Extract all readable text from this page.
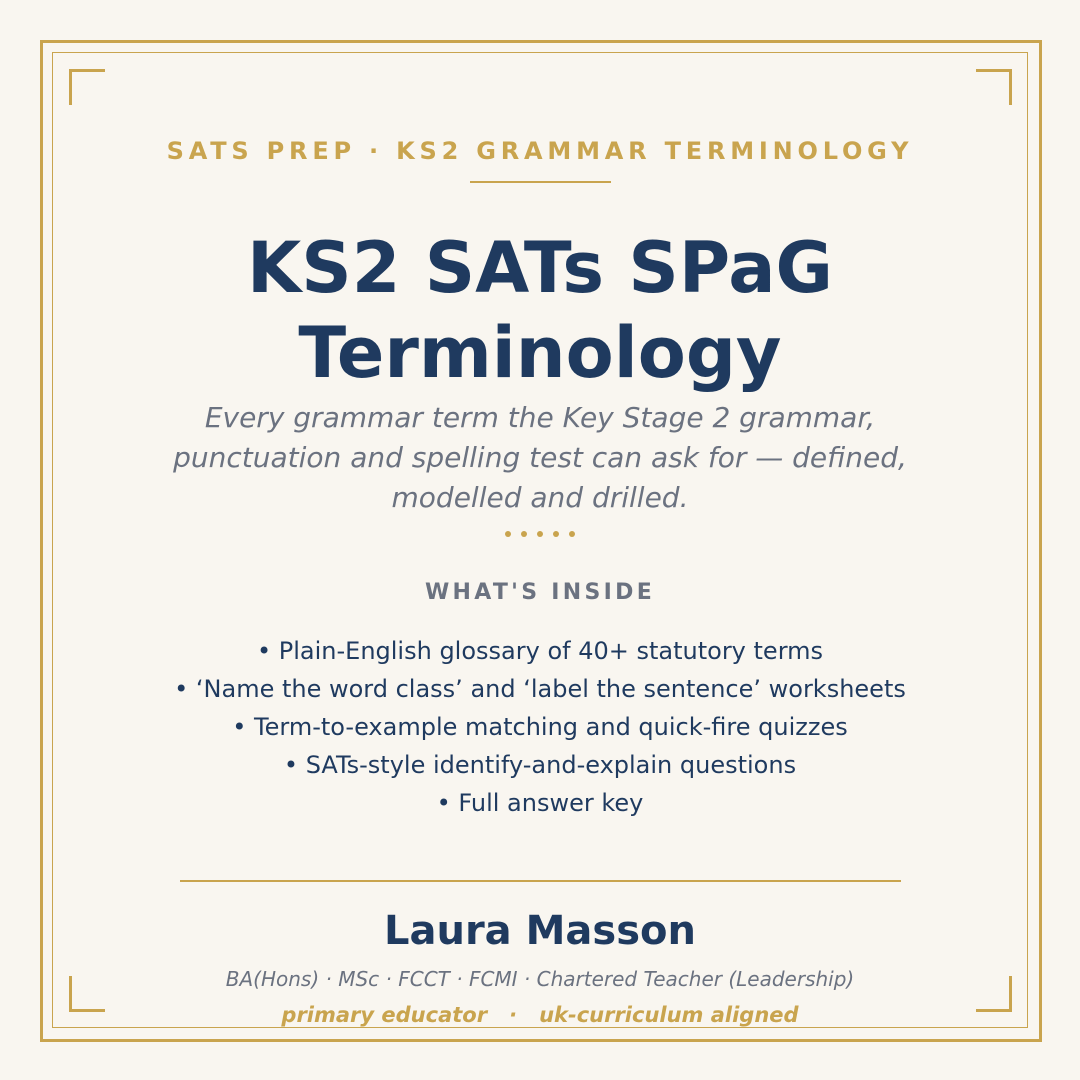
SATS PREP · KS2 GRAMMAR TERMINOLOGY
KS2 SATs SPaG
Terminology
Every grammar term the Key Stage 2 grammar, punctuation and spelling test can ask for — defined, modelled and drilled.
WHAT'S INSIDE
• Plain-English glossary of 40+ statutory terms
• ‘Name the word class’ and ‘label the sentence’ worksheets
• Term-to-example matching and quick-fire quizzes
• SATs-style identify-and-explain questions
• Full answer key
Laura Masson
BA(Hons) · MSc · FCCT · FCMI · Chartered Teacher (Leadership)
primary educator · uk-curriculum aligned
